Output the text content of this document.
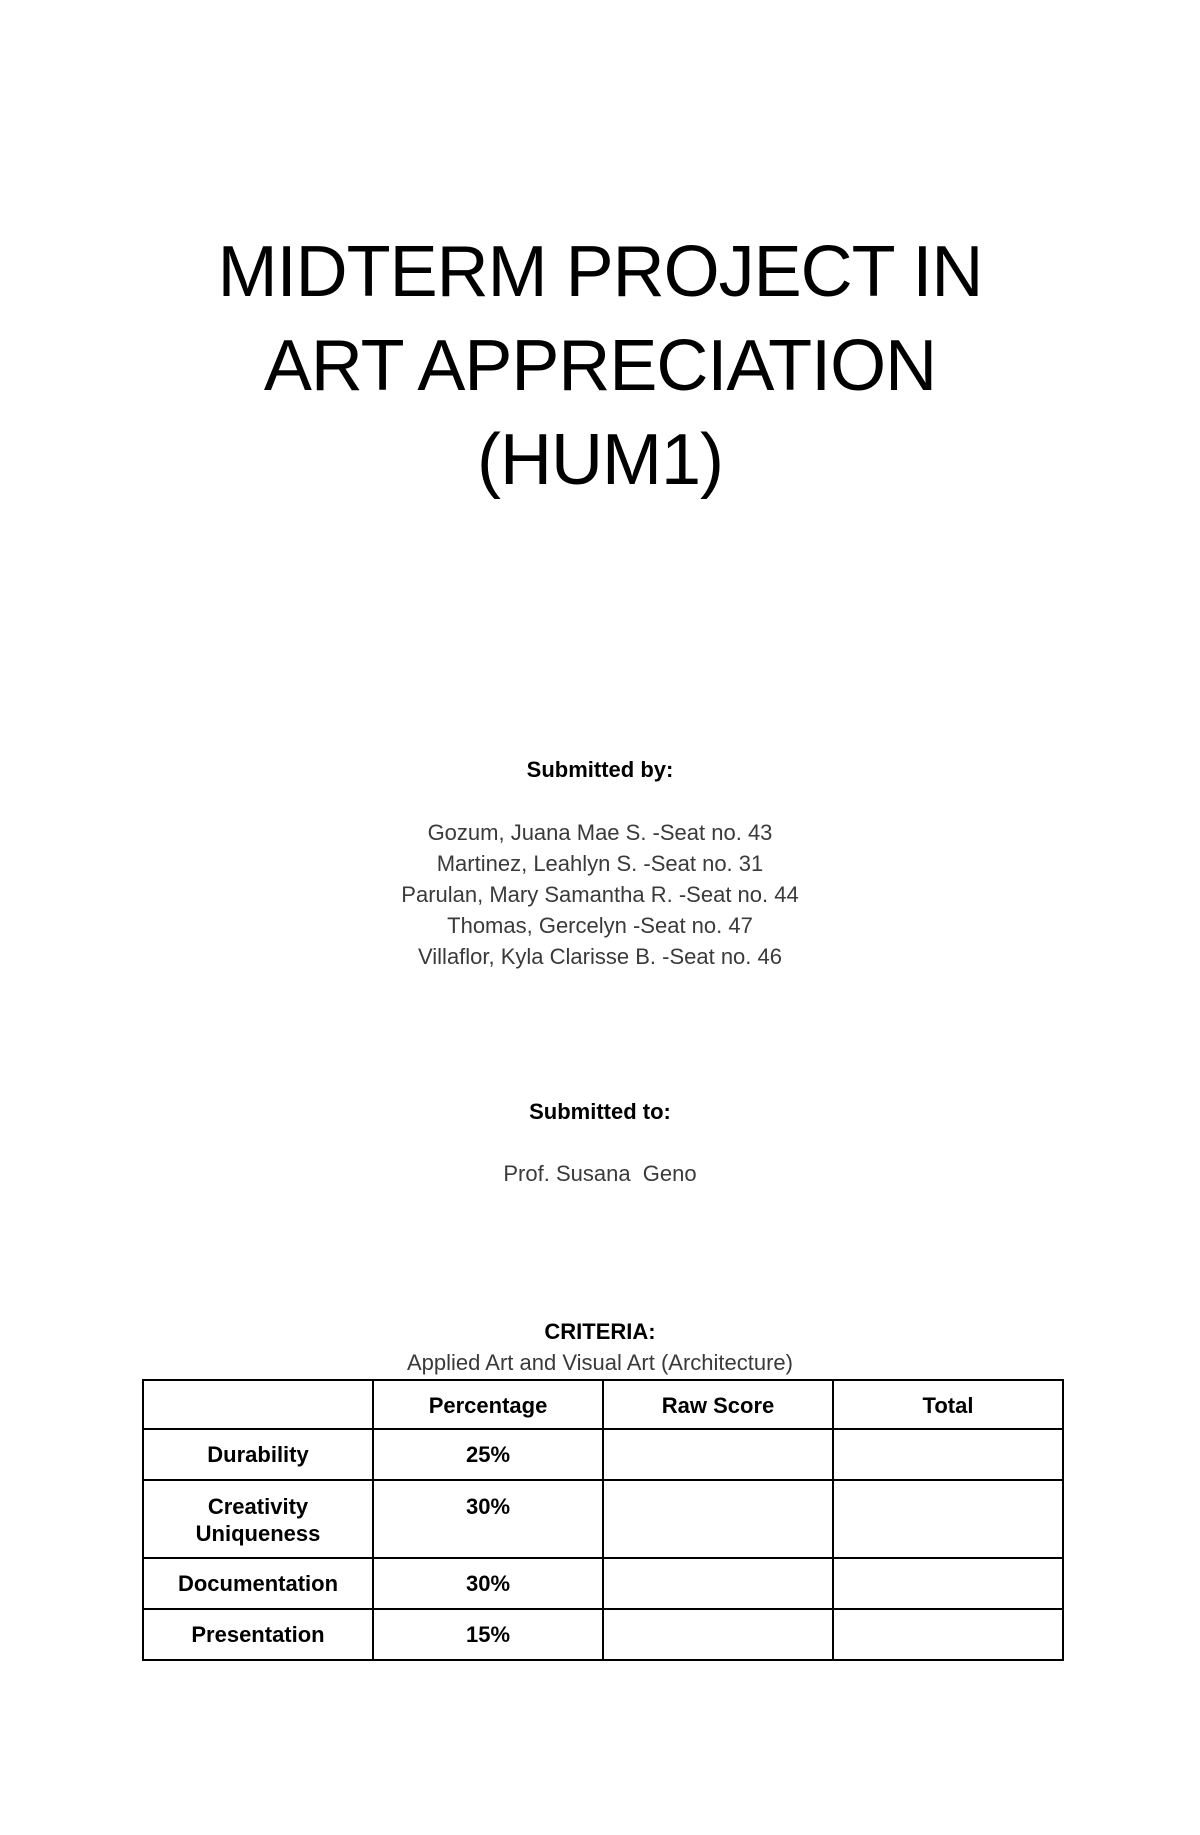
MIDTERM PROJECT IN
ART APPRECIATION
(HUM1)
Submitted by:
Gozum, Juana Mae S. -Seat no. 43
Martinez, Leahlyn S. -Seat no. 31
Parulan, Mary Samantha R. -Seat no. 44
Thomas, Gercelyn -Seat no. 47
Villaflor, Kyla Clarisse B. -Seat no. 46
Submitted to:
Prof. Susana  Geno
CRITERIA:
Applied Art and Visual Art (Architecture)
	Percentage	Raw Score	Total
Durability	25%		

Creativity
Uniqueness	30%		
Documentation	30%		
Presentation	15%		
